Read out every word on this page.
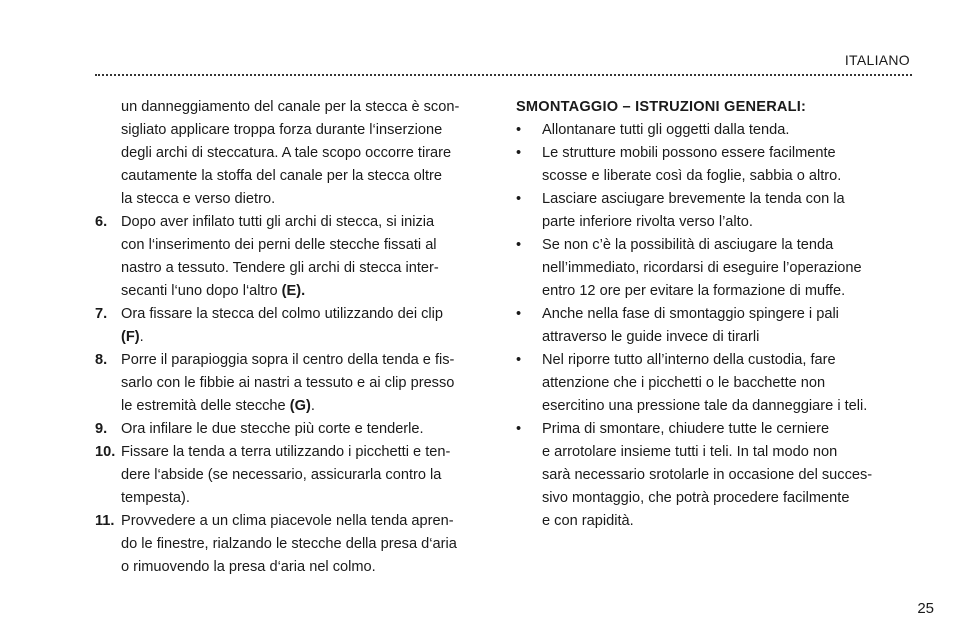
ITALIANO
un danneggiamento del canale per la stecca è scon-
sigliato applicare troppa forza durante l‘inserzione
degli archi di steccatura. A tale scopo occorre tirare
cautamente la stoffa del canale per la stecca oltre
la stecca e verso dietro.
6. Dopo aver infilato tutti gli archi di stecca, si inizia
con l‘inserimento dei perni delle stecche fissati al
nastro a tessuto. Tendere gli archi di stecca inter-
secanti l‘uno dopo l‘altro (E).
7. Ora fissare la stecca del colmo utilizzando dei clip
(F).
8. Porre il parapioggia sopra il centro della tenda e fis-
sarlo con le fibbie ai nastri a tessuto e ai clip presso
le estremità delle stecche (G).
9. Ora infilare le due stecche più corte e tenderle.
10. Fissare la tenda a terra utilizzando i picchetti e ten-
dere l‘abside (se necessario, assicurarla contro la
tempesta).
11. Provvedere a un clima piacevole nella tenda apren-
do le finestre, rialzando le stecche della presa d‘aria
o rimuovendo la presa d‘aria nel colmo.
SMONTAGGIO – ISTRUZIONI GENERALI:
• Allontanare tutti gli oggetti dalla tenda.
• Le strutture mobili possono essere facilmente
scosse e liberate così da foglie, sabbia o altro.
• Lasciare asciugare brevemente la tenda con la
parte inferiore rivolta verso l’alto.
• Se non c’è la possibilità di asciugare la tenda
nell’immediato, ricordarsi di eseguire l’operazione
entro 12 ore per evitare la formazione di muffe.
• Anche nella fase di smontaggio spingere i pali
attraverso le guide invece di tirarli
• Nel riporre tutto all’interno della custodia, fare
attenzione che i picchetti o le bacchette non
esercitino una pressione tale da danneggiare i teli.
• Prima di smontare, chiudere tutte le cerniere
e arrotolare insieme tutti i teli. In tal modo non
sarà necessario srotolarle in occasione del succes-
sivo montaggio, che potrà procedere facilmente
e con rapidità.
25
